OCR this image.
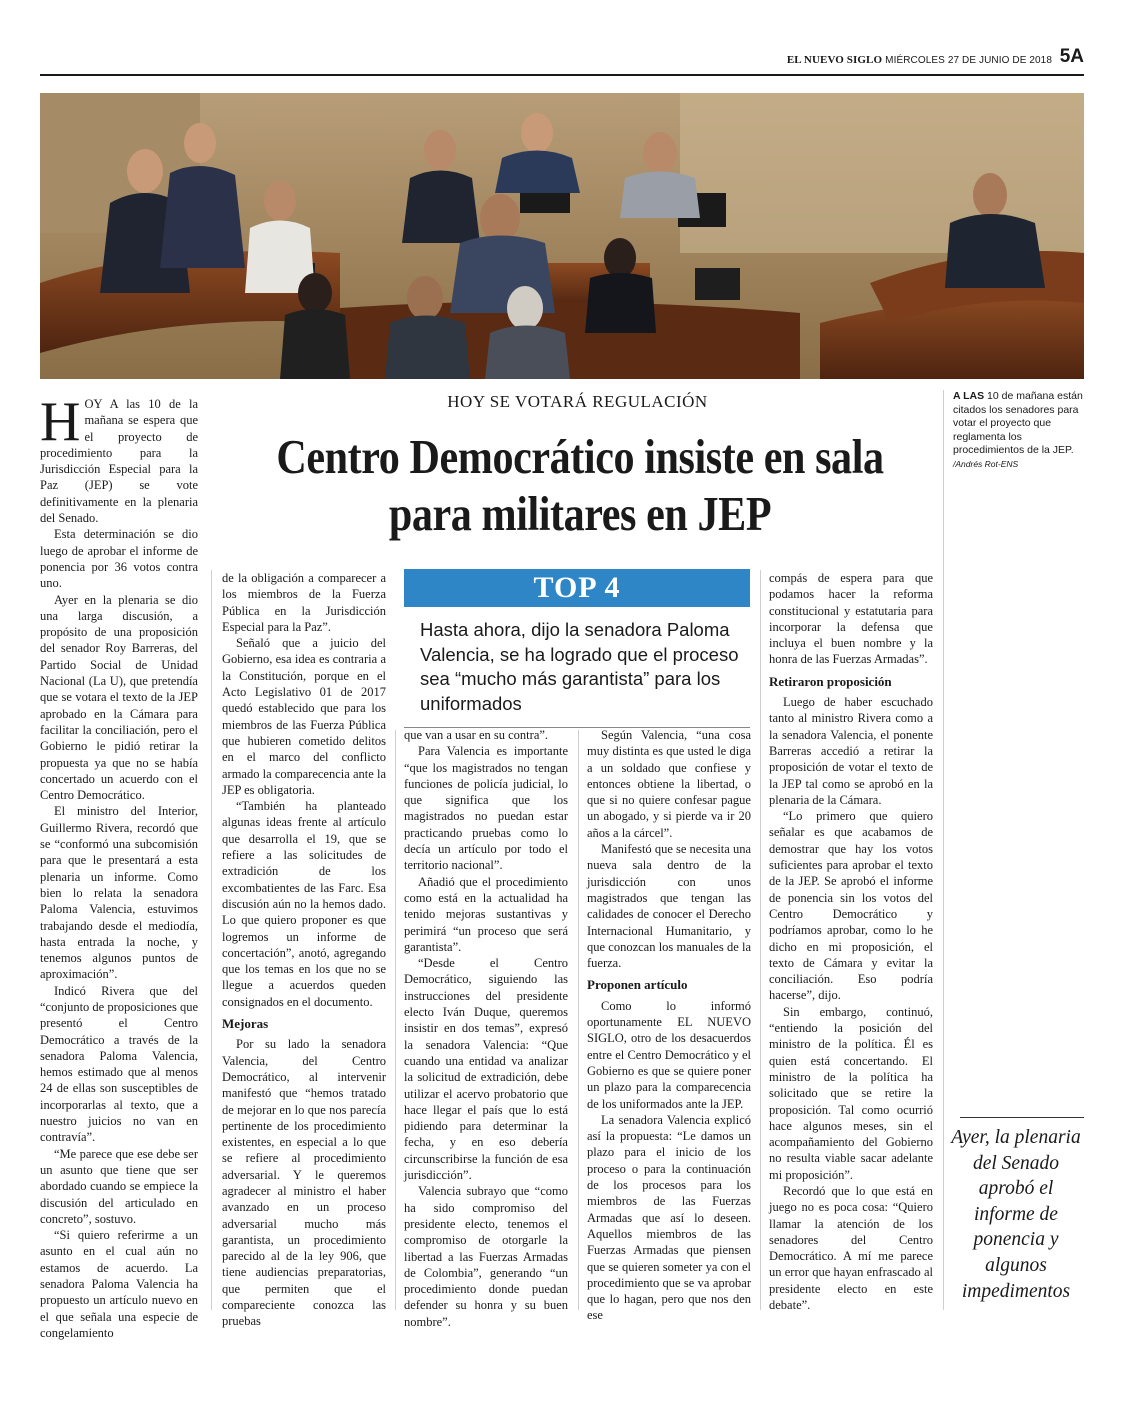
EL NUEVO SIGLO MIÉRCOLES 27 DE JUNIO DE 2018 5A
A LAS 10 de mañana están citados los senadores para votar el proyecto que reglamenta los procedimientos de la JEP. /Andrés Rot-ENS
HOY SE VOTARÁ REGULACIÓN
Centro Democrático insiste en sala para militares en JEP
TOP 4
Hasta ahora, dijo la senadora Paloma Valencia, se ha logrado que el proceso sea “mucho más garantista” para los uniformados

HOY A las 10 de la mañana se espera que el proyecto de procedimiento para la Jurisdicción Especial para la Paz (JEP) se vote definitivamente en la plenaria del Senado.

Esta determinación se dio luego de aprobar el informe de ponencia por 36 votos contra uno.

Ayer en la plenaria se dio una larga discusión, a propósito de una proposición del senador Roy Barreras, del Partido Social de Unidad Nacional (La U), que pretendía que se votara el texto de la JEP aprobado en la Cámara para facilitar la conciliación, pero el Gobierno le pidió retirar la propuesta ya que no se había concertado un acuerdo con el Centro Democrático.

El ministro del Interior, Guillermo Rivera, recordó que se “conformó una subcomisión para que le presentará a esta plenaria un informe. Como bien lo relata la senadora Paloma Valencia, estuvimos trabajando desde el mediodía, hasta entrada la noche, y tenemos algunos puntos de aproximación”.

Indicó Rivera que del “conjunto de proposiciones que presentó el Centro Democrático a través de la senadora Paloma Valencia, hemos estimado que al menos 24 de ellas son susceptibles de incorporarlas al texto, que a nuestro juicios no van en contravía”.

“Me parece que ese debe ser un asunto que tiene que ser abordado cuando se empiece la discusión del articulado en concreto”, sostuvo.

“Si quiero referirme a un asunto en el cual aún no estamos de acuerdo. La senadora Paloma Valencia ha propuesto un artículo nuevo en el que señala una especie de congelamiento

de la obligación a comparecer a los miembros de la Fuerza Pública en la Jurisdicción Especial para la Paz”.

Señaló que a juicio del Gobierno, esa idea es contraria a la Constitución, porque en el Acto Legislativo 01 de 2017 quedó establecido que para los miembros de las Fuerza Pública que hubieren cometido delitos en el marco del conflicto armado la comparecencia ante la JEP es obligatoria.

“También ha planteado algunas ideas frente al artículo que desarrolla el 19, que se refiere a las solicitudes de extradición de los excombatientes de las Farc. Esa discusión aún no la hemos dado. Lo que quiero proponer es que logremos un informe de concertación”, anotó, agregando que los temas en los que no se llegue a acuerdos queden consignados en el documento.

Mejoras

Por su lado la senadora Valencia, del Centro Democrático, al intervenir manifestó que “hemos tratado de mejorar en lo que nos parecía pertinente de los procedimiento existentes, en especial a lo que se refiere al procedimiento adversarial. Y le queremos agradecer al ministro el haber avanzado en un proceso adversarial mucho más garantista, un procedimiento parecido al de la ley 906, que tiene audiencias preparatorias, que permiten que el compareciente conozca las pruebas

que van a usar en su contra”.

Para Valencia es importante “que los magistrados no tengan funciones de policía judicial, lo que significa que los magistrados no puedan estar practicando pruebas como lo decía un artículo por todo el territorio nacional”.

Añadió que el procedimiento como está en la actualidad ha tenido mejoras sustantivas y perimirá “un proceso que será garantista”.

“Desde el Centro Democrático, siguiendo las instrucciones del presidente electo Iván Duque, queremos insistir en dos temas”, expresó la senadora Valencia: “Que cuando una entidad va analizar la solicitud de extradición, debe utilizar el acervo probatorio que hace llegar el país que lo está pidiendo para determinar la fecha, y en eso debería circunscribirse la función de esa jurisdicción”.

Valencia subrayo que “como ha sido compromiso del presidente electo, tenemos el compromiso de otorgarle la libertad a las Fuerzas Armadas de Colombia”, generando “un procedimiento donde puedan defender su honra y su buen nombre”.

Según Valencia, “una cosa muy distinta es que usted le diga a un soldado que confiese y entonces obtiene la libertad, o que si no quiere confesar pague un abogado, y si pierde va ir 20 años a la cárcel”.

Manifestó que se necesita una nueva sala dentro de la jurisdicción con unos magistrados que tengan las calidades de conocer el Derecho Internacional Humanitario, y que conozcan los manuales de la fuerza.

Proponen artículo

Como lo informó oportunamente EL NUEVO SIGLO, otro de los desacuerdos entre el Centro Democrático y el Gobierno es que se quiere poner un plazo para la comparecencia de los uniformados ante la JEP.

La senadora Valencia explicó así la propuesta: “Le damos un plazo para el inicio de los proceso o para la continuación de los procesos para los miembros de las Fuerzas Armadas que así lo deseen. Aquellos miembros de las Fuerzas Armadas que piensen que se quieren someter ya con el procedimiento que se va aprobar que lo hagan, pero que nos den ese

compás de espera para que podamos hacer la reforma constitucional y estatutaria para incorporar la defensa que incluya el buen nombre y la honra de las Fuerzas Armadas”.

Retiraron proposición

Luego de haber escuchado tanto al ministro Rivera como a la senadora Valencia, el ponente Barreras accedió a retirar la proposición de votar el texto de la JEP tal como se aprobó en la plenaria de la Cámara.

“Lo primero que quiero señalar es que acabamos de demostrar que hay los votos suficientes para aprobar el texto de la JEP. Se aprobó el informe de ponencia sin los votos del Centro Democrático y podríamos aprobar, como lo he dicho en mi proposición, el texto de Cámara y evitar la conciliación. Eso podría hacerse”, dijo.

Sin embargo, continuó, “entiendo la posición del ministro de la política. Él es quien está concertando. El ministro de la política ha solicitado que se retire la proposición. Tal como ocurrió hace algunos meses, sin el acompañamiento del Gobierno no resulta viable sacar adelante mi proposición”.

Recordó que lo que está en juego no es poca cosa: “Quiero llamar la atención de los senadores del Centro Democrático. A mí me parece un error que hayan enfrascado al presidente electo en este debate”.

Ayer, la plenaria del Senado aprobó el informe de ponencia y algunos impedimentos
